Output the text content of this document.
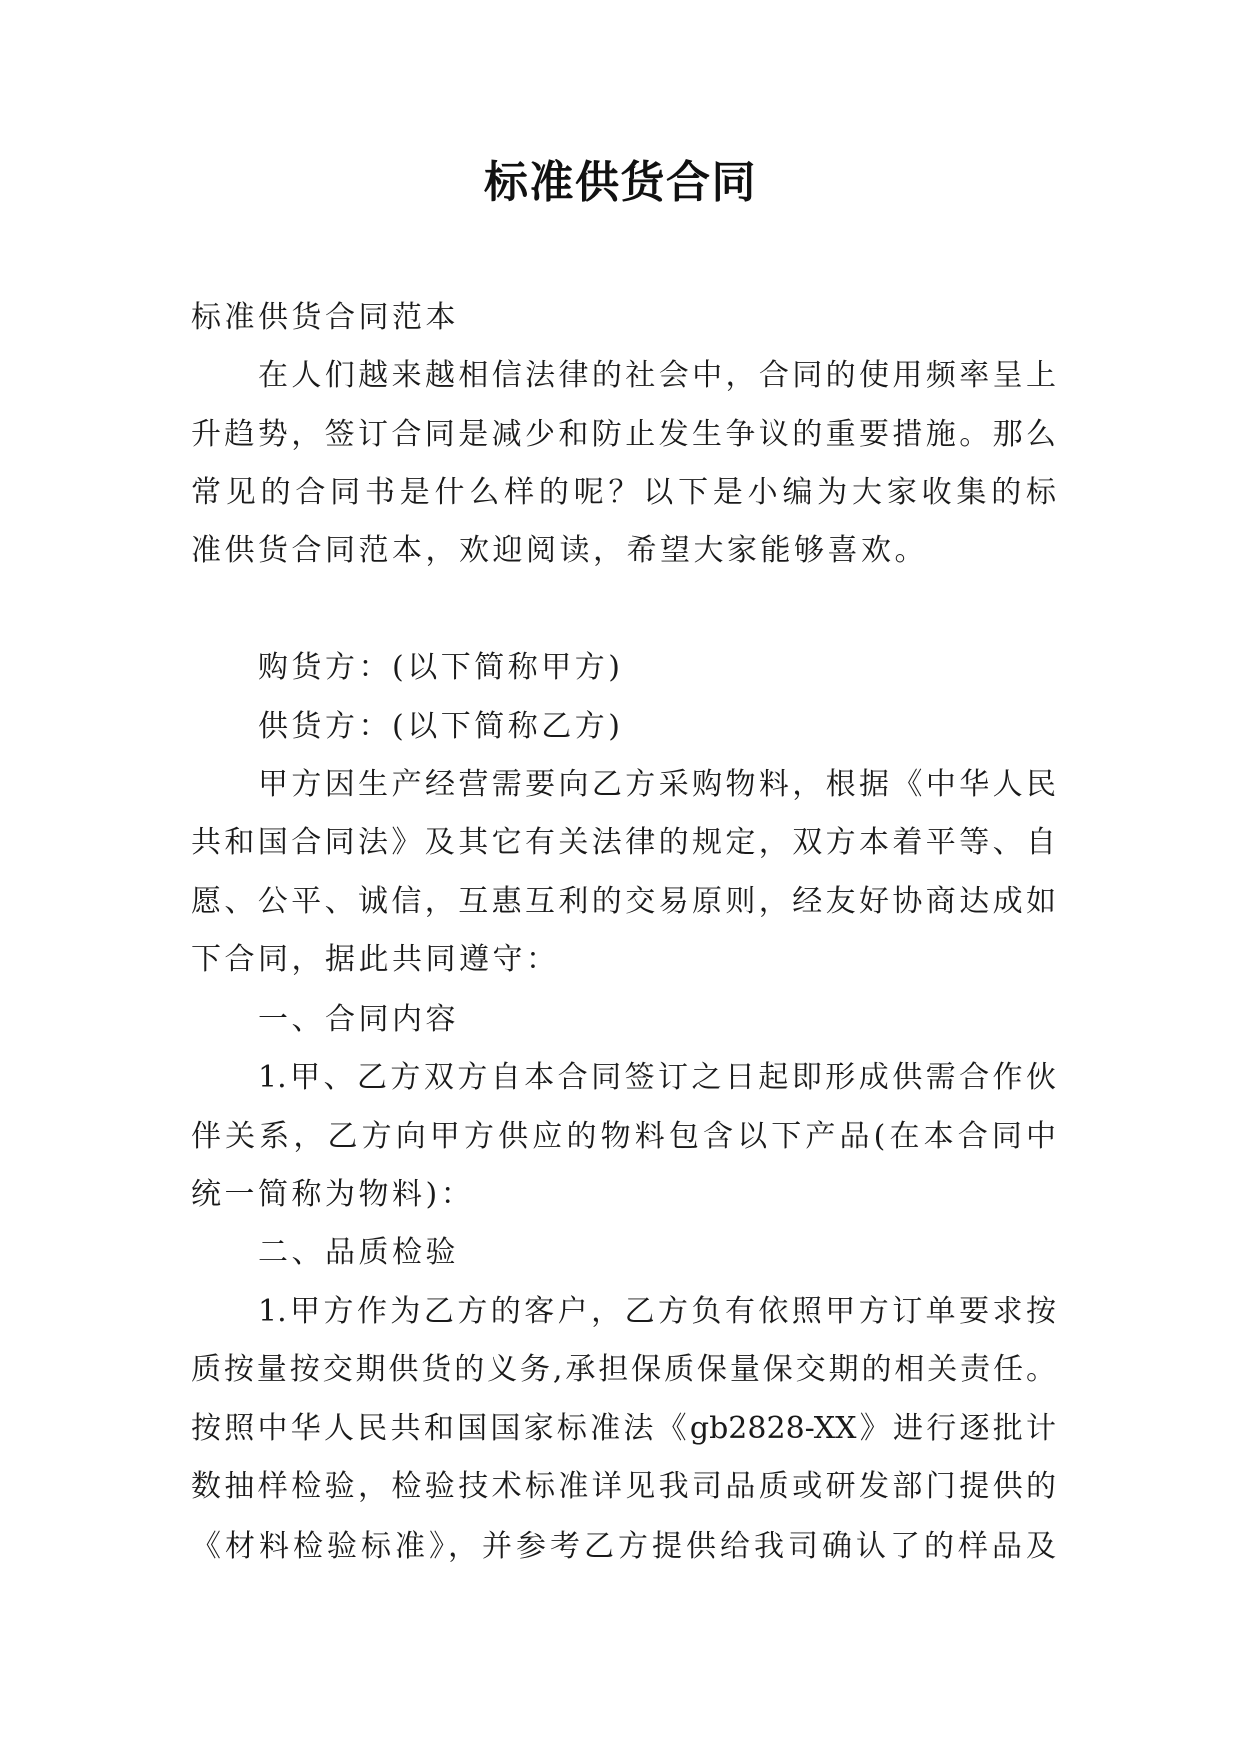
标准供货合同
标准供货合同范本
在人们越来越相信法律的社会中，合同的使用频率呈上
升趋势，签订合同是减少和防止发生争议的重要措施。那么
常见的合同书是什么样的呢？以下是小编为大家收集的标
准供货合同范本，欢迎阅读，希望大家能够喜欢。
购货方：(以下简称甲方)
供货方：(以下简称乙方)
甲方因生产经营需要向乙方采购物料，根据《中华人民
共和国合同法》及其它有关法律的规定，双方本着平等、自
愿、公平、诚信，互惠互利的交易原则，经友好协商达成如
下合同，据此共同遵守：
一、合同内容
1.甲、乙方双方自本合同签订之日起即形成供需合作伙
伴关系，乙方向甲方供应的物料包含以下产品(在本合同中
统一简称为物料)：
二、品质检验
1.甲方作为乙方的客户，乙方负有依照甲方订单要求按
质按量按交期供货的义务,承担保质保量保交期的相关责任。
按照中华人民共和国国家标准法《gb2828-XX》进行逐批计
数抽样检验，检验技术标准详见我司品质或研发部门提供的
《材料检验标准》，并参考乙方提供给我司确认了的样品及
